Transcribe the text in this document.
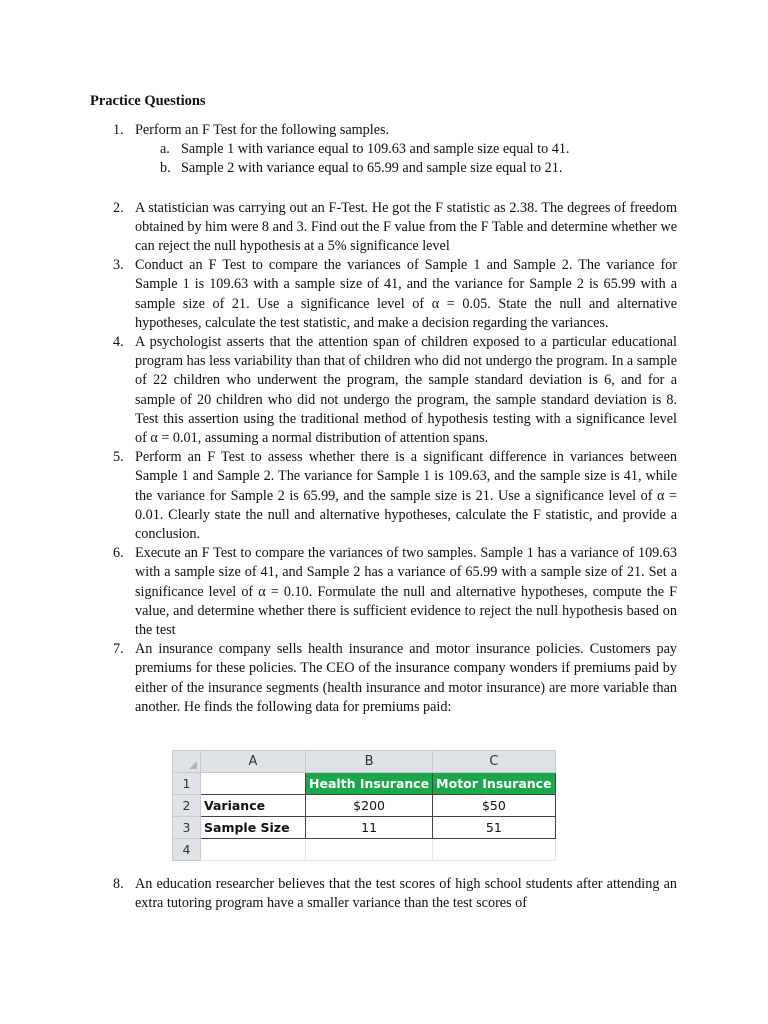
Practice Questions
1. Perform an F Test for the following samples.
a. Sample 1 with variance equal to 109.63 and sample size equal to 41.
b. Sample 2 with variance equal to 65.99 and sample size equal to 21.
2. A statistician was carrying out an F-Test. He got the F statistic as 2.38. The degrees of freedom obtained by him were 8 and 3. Find out the F value from the F Table and determine whether we can reject the null hypothesis at a 5% significance level
3. Conduct an F Test to compare the variances of Sample 1 and Sample 2. The variance for Sample 1 is 109.63 with a sample size of 41, and the variance for Sample 2 is 65.99 with a sample size of 21. Use a significance level of α = 0.05. State the null and alternative hypotheses, calculate the test statistic, and make a decision regarding the variances.
4. A psychologist asserts that the attention span of children exposed to a particular educational program has less variability than that of children who did not undergo the program. In a sample of 22 children who underwent the program, the sample standard deviation is 6, and for a sample of 20 children who did not undergo the program, the sample standard deviation is 8. Test this assertion using the traditional method of hypothesis testing with a significance level of α = 0.01, assuming a normal distribution of attention spans.
5. Perform an F Test to assess whether there is a significant difference in variances between Sample 1 and Sample 2. The variance for Sample 1 is 109.63, and the sample size is 41, while the variance for Sample 2 is 65.99, and the sample size is 21. Use a significance level of α = 0.01. Clearly state the null and alternative hypotheses, calculate the F statistic, and provide a conclusion.
6. Execute an F Test to compare the variances of two samples. Sample 1 has a variance of 109.63 with a sample size of 41, and Sample 2 has a variance of 65.99 with a sample size of 21. Set a significance level of α = 0.10. Formulate the null and alternative hypotheses, compute the F value, and determine whether there is sufficient evidence to reject the null hypothesis based on the test
7. An insurance company sells health insurance and motor insurance policies. Customers pay premiums for these policies. The CEO of the insurance company wonders if premiums paid by either of the insurance segments (health insurance and motor insurance) are more variable than another. He finds the following data for premiums paid:
8. An education researcher believes that the test scores of high school students after attending an extra tutoring program have a smaller variance than the test scores of
	A	B	C
1		Health Insurance	Motor Insurance
2	Variance	$200	$50
3	Sample Size	11	51
4			
